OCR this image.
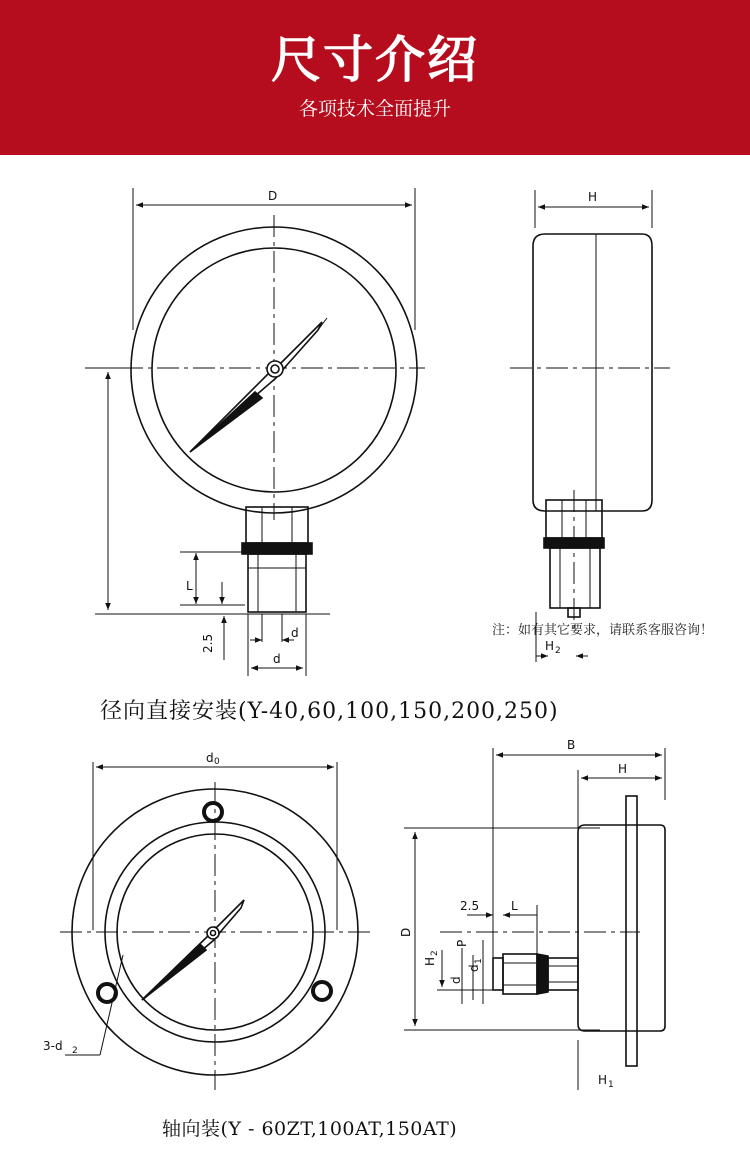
尺寸介绍
各项技术全面提升
D
L
2.5
d
d
H
H 2
d 0
3-d 2
B
H
D
2.5	L
H
2
P
d
d
1
H 1
注：如有其它要求，请联系客服咨询！
径向直接安装(Y-40,60,100,150,200,250)
轴向装(Y - 60ZT,100AT,150AT)
